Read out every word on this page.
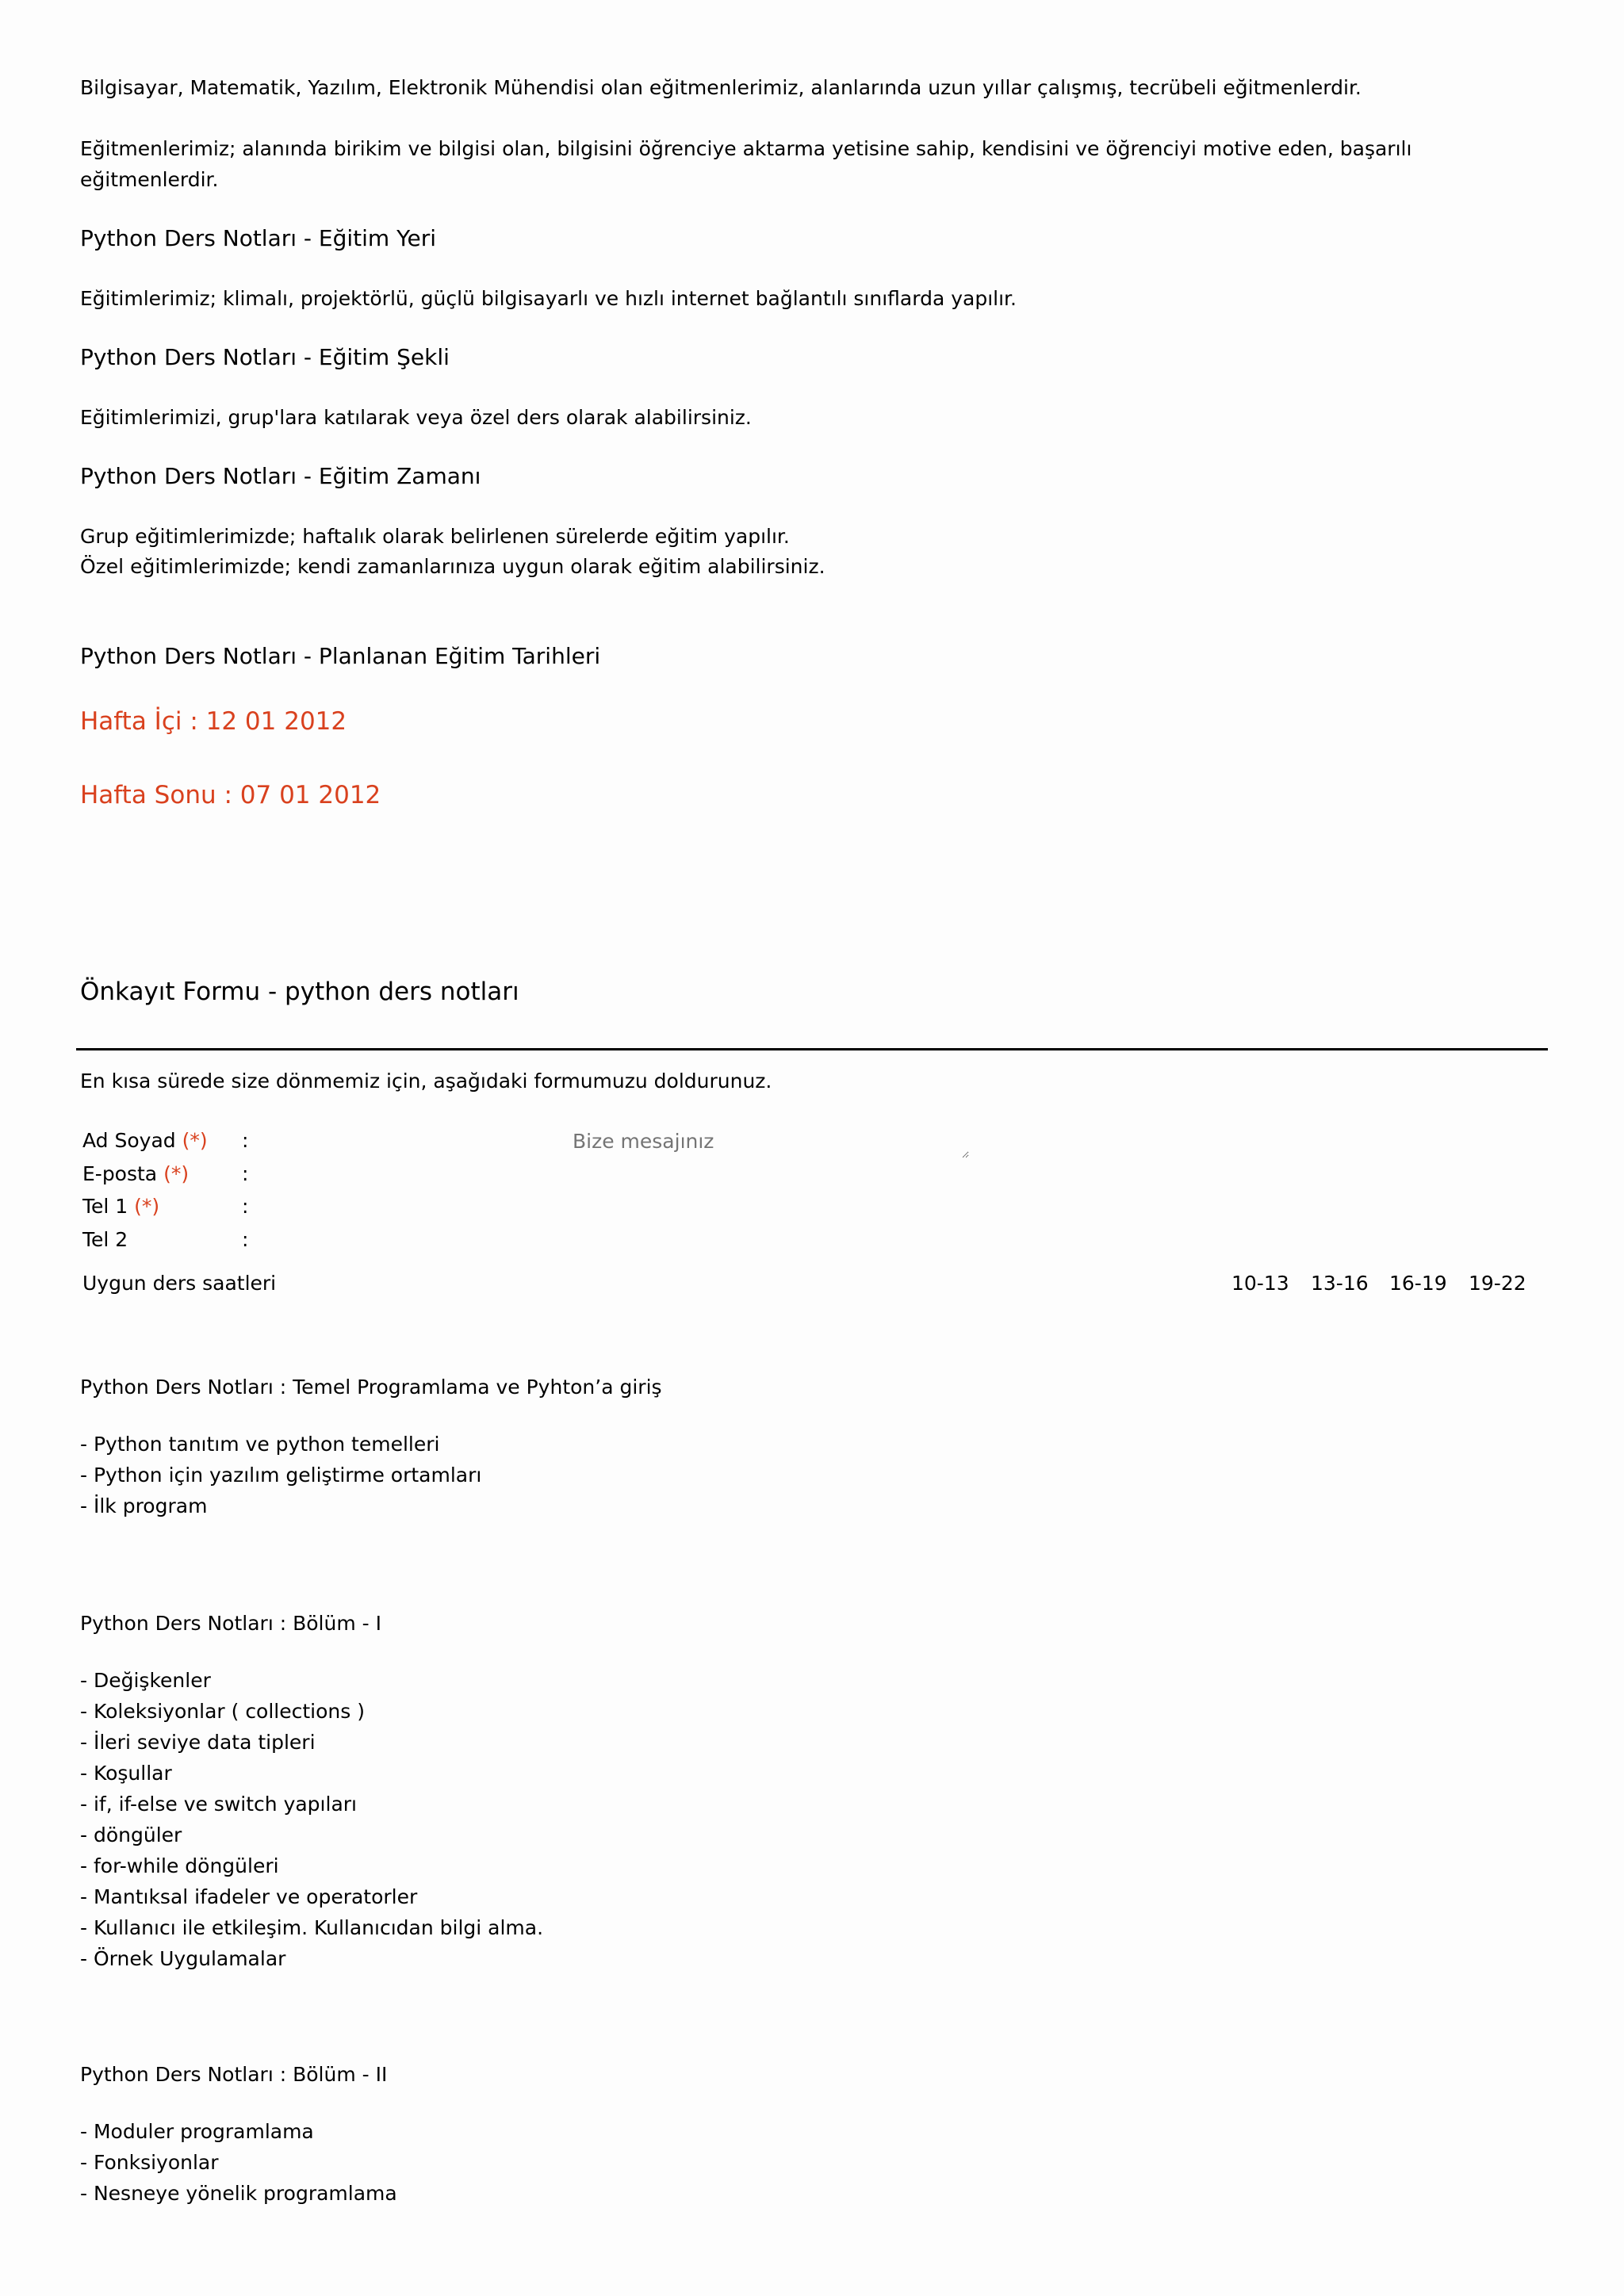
Bilgisayar, Matematik, Yazılım, Elektronik Mühendisi olan eğitmenlerimiz, alanlarında uzun yıllar çalışmış, tecrübeli eğitmenlerdir.
Eğitmenlerimiz; alanında birikim ve bilgisi olan, bilgisini öğrenciye aktarma yetisine sahip, kendisini ve öğrenciyi motive eden, başarılı
eğitmenlerdir.
Python Ders Notları - Eğitim Yeri
Eğitimlerimiz; klimalı, projektörlü, güçlü bilgisayarlı ve hızlı internet bağlantılı sınıflarda yapılır.
Python Ders Notları - Eğitim Şekli
Eğitimlerimizi, grup'lara katılarak veya özel ders olarak alabilirsiniz.
Python Ders Notları - Eğitim Zamanı
Grup eğitimlerimizde; haftalık olarak belirlenen sürelerde eğitim yapılır.
Özel eğitimlerimizde; kendi zamanlarınıza uygun olarak eğitim alabilirsiniz.
Python Ders Notları - Planlanan Eğitim Tarihleri
Hafta İçi : 12 01 2012
Hafta Sonu : 07 01 2012
Önkayıt Formu - python ders notları
En kısa sürede size dönmemiz için, aşağıdaki formumuzu doldurunuz.
Ad Soyad (*) :
E-posta (*)	:
Tel 1 (*)	:
Tel 2	:
Bize mesajınız
Uygun ders saatleri	10-13 13-16 16-19 19-22
Python Ders Notları : Temel Programlama ve Pyhton’a giriş
- Python tanıtım ve python temelleri
- Python için yazılım geliştirme ortamları
- İlk program
Python Ders Notları : Bölüm - I
- Değişkenler
- Koleksiyonlar ( collections )
- İleri seviye data tipleri
- Koşullar
- if, if-else ve switch yapıları
- döngüler
- for-while döngüleri
- Mantıksal ifadeler ve operatorler
- Kullanıcı ile etkileşim. Kullanıcıdan bilgi alma.
- Örnek Uygulamalar
Python Ders Notları : Bölüm - II
- Moduler programlama
- Fonksiyonlar
- Nesneye yönelik programlama
